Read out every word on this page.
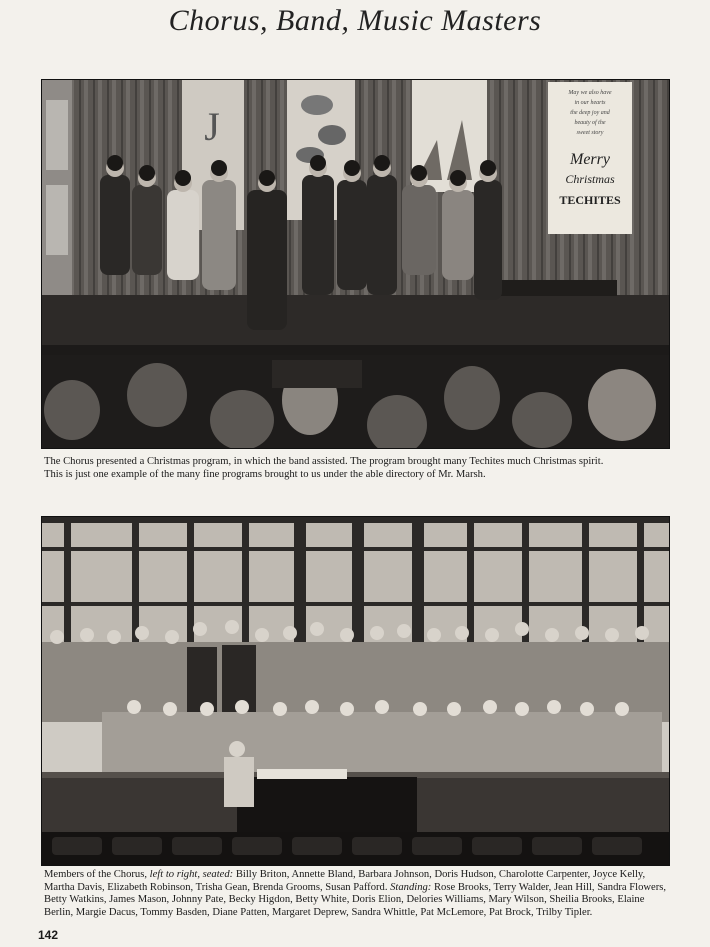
Chorus, Band, Music Masters
J
May we also have
in our hearts
the deep joy and
beauty of the
sweet story
Merry
Christmas
TECHITES
The Chorus presented a Christmas program, in which the band assisted. The program brought many Techites much Christmas spirit.
This is just one example of the many fine programs brought to us under the able directory of Mr. Marsh.
Members of the Chorus, left to right, seated: Billy Briton, Annette Bland, Barbara Johnson, Doris Hudson, Charolotte Carpenter, Joyce Kelly, Martha Davis, Elizabeth Robinson, Trisha Gean, Brenda Grooms, Susan Pafford. Standing: Rose Brooks, Terry Walder, Jean Hill, Sandra Flowers, Betty Watkins, James Mason, Johnny Pate, Becky Higdon, Betty White, Doris Elion, Delories Williams, Mary Wilson, Sheilia Brooks, Elaine Berlin, Margie Dacus, Tommy Basden, Diane Patten, Margaret Deprew, Sandra Whittle, Pat McLemore, Pat Brock, Trilby Tipler.
142
